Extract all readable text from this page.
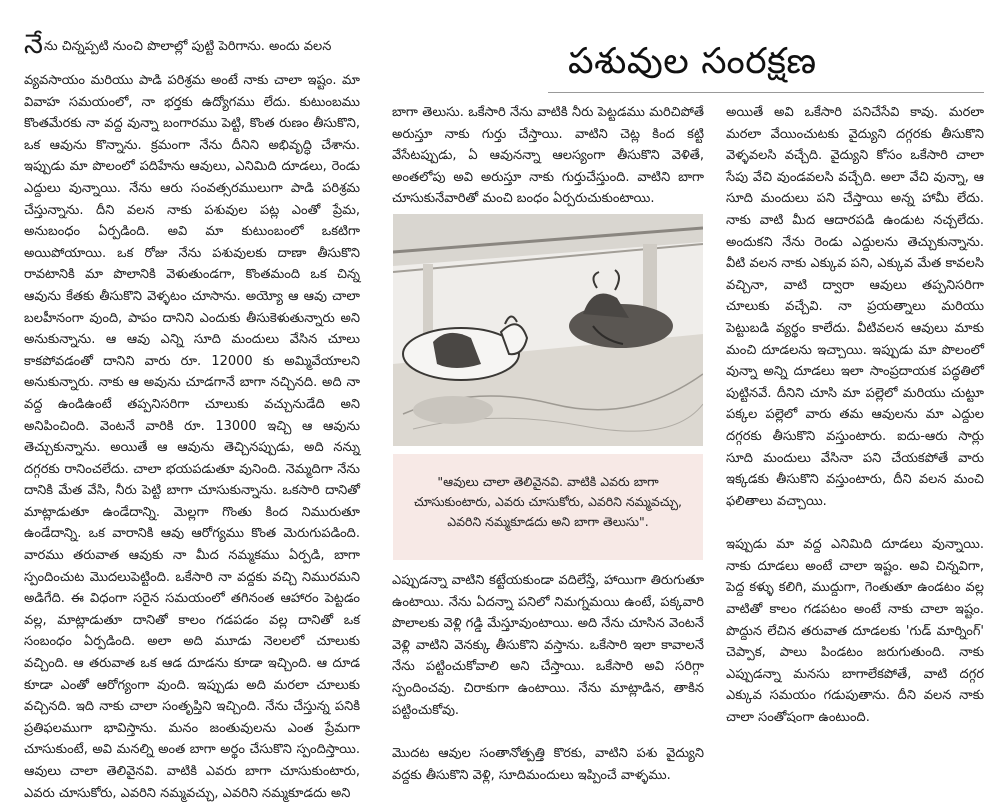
నేను చిన్నప్పటి నుంచి పొలాల్లో పుట్టి పెరిగాను. అందు వలన

వ్యవసాయం మరియు పాడి పరిశ్రమ అంటే నాకు చాలా ఇష్టం. మా వివాహ సమయంలో, నా భర్తకు ఉద్యోగము లేదు. కుటుంబము కొంతమేరకు నా వద్ద వున్నా బంగారము పెట్టి, కొంత రుణం తీసుకొని, ఒక ఆవును కొన్నాను. క్రమంగా నేను దీనిని అభివృద్ధి చేశాను. ఇప్పుడు మా పొలంలో పదిహేను ఆవులు, ఎనిమిది దూడలు, రెండు ఎద్దులు వున్నాయి. నేను ఆరు సంవత్సరములుగా పాడి పరిశ్రమ చేస్తున్నాను. దీని వలన నాకు పశువుల పట్ల ఎంతో ప్రేమ, అనుబంధం ఏర్పడింది. అవి మా కుటుంబంలో ఒకటిగా అయిపోయాయి. ఒక రోజు నేను పశువులకు దాణా తీసుకొని రావటానికి మా పొలానికి వెళుతుండగా, కొంతమంది ఒక చిన్న ఆవును కేతకు తీసుకొని వెళ్ళటం చూసాను. అయ్యో ఆ ఆవు చాలా బలహీనంగా వుంది, పాపం దానిని ఎందుకు తీసుకెళుతున్నారు అని అనుకున్నాను. ఆ ఆవు ఎన్ని సూది మందులు వేసిన చూలు కాకపోవడంతో దానిని వారు రూ. 12000 కు అమ్మివేయాలని అనుకున్నారు. నాకు ఆ అవును చూడగానే బాగా నచ్చినది. అది నా వద్ద ఉండిఉంటే తప్పనిసరిగా చూలుకు వచ్చునుడేది అని అనిపించింది. వెంటనే వారికి రూ. 13000 ఇచ్చి ఆ ఆవును తెచ్చుకున్నాను. అయితే ఆ ఆవును తెచ్చినప్పుడు, అది నన్ను దగ్గరకు రానించలేదు. చాలా భయపడుతూ వునింది. నెమ్మదిగా నేను దానికి మేత వేసి, నీరు పెట్టి బాగా చూసుకున్నాను. ఒకసారి దానితో మాట్లాడుతూ ఉండేదాన్ని. మెల్లగా గొంతు కింద నిమురుతూ ఉండేదాన్ని. ఒక వారానికి ఆవు ఆరోగ్యము కొంత మెరుగుపడింది. వారము తరువాత ఆవుకు నా మీద నమ్మకము ఏర్పడి, బాగా స్పందించుట మొదలుపెట్టింది. ఒకేసారి నా వద్దకు వచ్చి నిమురమని అడిగేది. ఈ విధంగా సరైన సమయంలో తగినంత ఆహారం పెట్టడం వల్ల, మాట్లాడుతూ దానితో కాలం గడపడం వల్ల దానితో ఒక సంబంధం ఏర్పడింది. అలా అది మూడు నెలలలో చూలుకు వచ్చింది. ఆ తరువాత ఒక ఆడ దూడను కూడా ఇచ్చింది. ఆ దూడ కూడా ఎంతో ఆరోగ్యంగా వుంది. ఇప్పుడు అది మరలా చూలుకు వచ్చినది. ఇది నాకు చాలా సంతృప్తిని ఇచ్చింది. నేను చేస్తున్న పనికి ప్రతిఫలముగా భావిస్తాను. మనం జంతువులను ఎంత ప్రేమగా చూసుకుంటే, అవి మనల్ని అంత బాగా అర్థం చేసుకొని స్పందిస్తాయి. ఆవులు చాలా తెలివైనవి. వాటికి ఎవరు బాగా చూసుకుంటారు, ఎవరు చూసుకోరు, ఎవరిని నమ్మవచ్చు, ఎవరిని నమ్మకూడదు అని

పశువుల సంరక్షణ

బాగా తెలుసు. ఒకేసారి నేను వాటికి నీరు పెట్టడము మరిచిపోతే అరుస్తూ నాకు గుర్తు చేస్తాయి. వాటిని చెట్ల కింద కట్టి వేసేటప్పుడు, ఏ ఆవునన్నా ఆలస్యంగా తీసుకొని వెళితే, అంతలోపు అవి అరుస్తూ నాకు గుర్తుచేస్తుంది. వాటిని బాగా చూసుకునేవారితో మంచి బంధం ఏర్పరుచుకుంటాయి.

"ఆవులు చాలా తెలివైనవి. వాటికి ఎవరు బాగా చూసుకుంటారు, ఎవరు చూసుకోరు, ఎవరిని నమ్మవచ్చు, ఎవరిని నమ్మకూడదు అని బాగా తెలుసు".

ఎప్పుడన్నా వాటిని కట్టేయకుండా వదిలేస్తే, హాయిగా తిరుగుతూ ఉంటాయి. నేను ఏదన్నా పనిలో నిమగ్నమయి ఉంటే, పక్కవారి పొలాలకు వెళ్లి గడ్డి మేస్తూవుంటాయి. అది నేను చూసిన వెంటనే వెళ్లి వాటిని వెనక్కు తీసుకొని వస్తాను. ఒకేసారి ఇలా కావాలనే నేను పట్టించుకోవాలి అని చేస్తాయి. ఒకేసారి అవి సరిగ్గా స్పందించవు. చిరాకుగా ఉంటాయి. నేను మాట్లాడిన, తాకిన పట్టించుకోవు.

మొదట ఆవుల సంతానోత్పత్తి కొరకు, వాటిని పశు వైద్యుని వద్దకు తీసుకొని వెళ్లి, సూదిమందులు ఇప్పించే వాళ్ళము.

అయితే అవి ఒకేసారి పనిచేసేవి కావు. మరలా మరలా వేయించుటకు వైద్యుని దగ్గరకు తీసుకొని వెళ్ళవలసి వచ్చేది. వైద్యుని కోసం ఒకేసారి చాలా సేపు వేచి వుండవలసి వచ్చేది. అలా వేచి వున్నా, ఆ సూది మందులు పని చేస్తాయి అన్న హామీ లేదు. నాకు వాటి మీద ఆదారపడి ఉండుట నచ్చలేదు. అందుకని నేను రెండు ఎద్దులను తెచ్చుకున్నాను. వీటి వలన నాకు ఎక్కువ పని, ఎక్కువ మేత కావలసి వచ్చినా, వాటి ద్వారా ఆవులు తప్పనిసరిగా చూలుకు వచ్చేవి. నా ప్రయత్నాలు మరియు పెట్టుబడి వ్యర్థం కాలేదు. వీటివలన ఆవులు మాకు మంచి దూడలను ఇచ్చాయి. ఇప్పుడు మా పొలంలో వున్నా అన్ని దూడలు ఇలా సాంప్రదాయక పద్ధతిలో పుట్టినవే. దీనిని చూసి మా పల్లెలో మరియు చుట్టూ పక్కల పల్లెలో వారు తమ ఆవులను మా ఎద్దుల దగ్గరకు తీసుకొని వస్తుంటారు. ఐదు-ఆరు సార్లు సూది మందులు వేసినా పని చేయకపోతే వారు ఇక్కడకు తీసుకొని వస్తుంటారు, దీని వలన మంచి ఫలితాలు వచ్చాయి.

ఇప్పుడు మా వద్ద ఎనిమిది దూడలు వున్నాయి. నాకు దూడలు అంటే చాలా ఇష్టం. అవి చిన్నవిగా, పెద్ద కళ్ళు కలిగి, ముద్దుగా, గెంతుతూ ఉండటం వల్ల వాటితో కాలం గడపటం అంటే నాకు చాలా ఇష్టం. పొద్దున లేచిన తరువాత దూడలకు 'గుడ్ మార్నింగ్' చెప్పాక, పాలు పిండటం జరుగుతుంది. నాకు ఎప్పుడన్నా మనసు బాగాలేకపోతే, వాటి దగ్గర ఎక్కువ సమయం గడుపుతాను. దీని వలన నాకు చాలా సంతోషంగా ఉంటుంది.
